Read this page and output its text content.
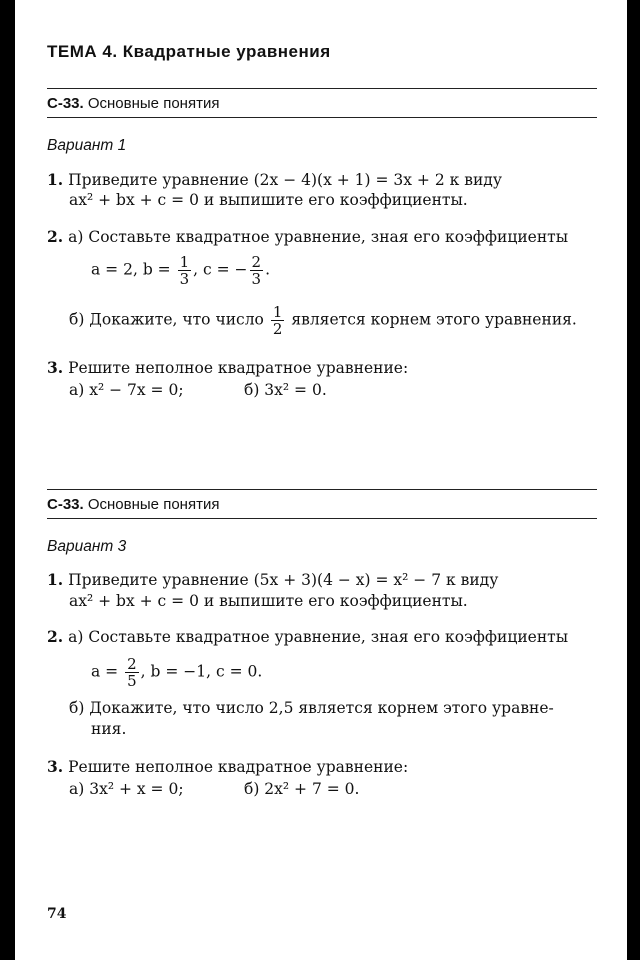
ТЕМА 4. Квадратные уравнения
С-33. Основные понятия
Вариант 1
1. Приведите уравнение (2x − 4)(x + 1) = 3x + 2 к виду
ax² + bx + c = 0 и выпишите его коэффициенты.
2. а) Составьте квадратное уравнение, зная его коэффициенты
a = 2, $b = \frac{1}{3}$ , c = − $\frac{2}{3}$ .
б) Докажите, что число $\frac{1}{2}$ является корнем этого уравнения.
3. Решите неполное квадратное уравнение:
а) x² − 7x = 0;	б) 3x² = 0.
С-33. Основные понятия
Вариант 3
1. Приведите уравнение (5x + 3)(4 − x) = x² − 7 к виду
ax² + bx + c = 0 и выпишите его коэффициенты.
2. а) Составьте квадратное уравнение, зная его коэффициенты
$a = \frac{2}{5}$ , b = −1, c = 0.
б) Докажите, что число 2,5 является корнем этого уравне-
ния.
3. Решите неполное квадратное уравнение:
а) 3x² + x = 0;	б) 2x² + 7 = 0.
74
